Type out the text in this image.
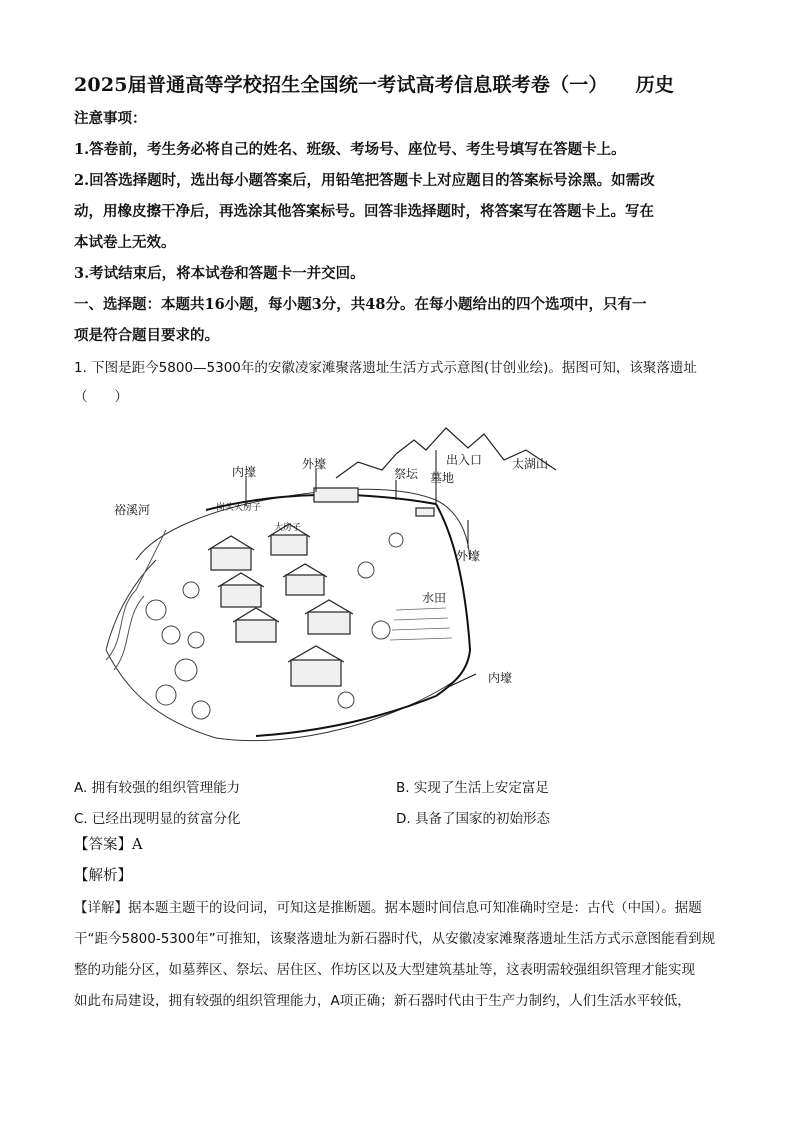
2025届普通高等学校招生全国统一考试高考信息联考卷（一） 历史
注意事项：
1.答卷前，考生务必将自己的姓名、班级、考场号、座位号、考生号填写在答题卡上。
2.回答选择题时，选出每小题答案后，用铅笔把答题卡上对应题目的答案标号涂黑。如需改
动，用橡皮擦干净后，再选涂其他答案标号。回答非选择题时，将答案写在答题卡上。写在
本试卷上无效。
3.考试结束后，将本试卷和答题卡一并交回。
一、选择题：本题共16小题，每小题3分，共48分。在每小题给出的四个选项中，只有一
项是符合题目要求的。
1. 下图是距今5800—5300年的安徽凌家滩聚落遗址生活方式示意图(甘创业绘)。据图可知，该聚落遗址
（　　）
内壕
外壕
祭坛 墓地
出入口 太湖山
裕溪河	岗头大房子
大房子
外壕
水田
内壕
A. 拥有较强的组织管理能力	B. 实现了生活上安定富足
C. 已经出现明显的贫富分化	D. 具备了国家的初始形态
【答案】A
【解析】
【详解】据本题主题干的设问词，可知这是推断题。据本题时间信息可知准确时空是：古代（中国）。据题
干“距今5800-5300年”可推知，该聚落遗址为新石器时代，从安徽凌家滩聚落遗址生活方式示意图能看到规
整的功能分区，如墓葬区、祭坛、居住区、作坊区以及大型建筑基址等，这表明需较强组织管理才能实现
如此布局建设，拥有较强的组织管理能力，A项正确；新石器时代由于生产力制约，人们生活水平较低，
